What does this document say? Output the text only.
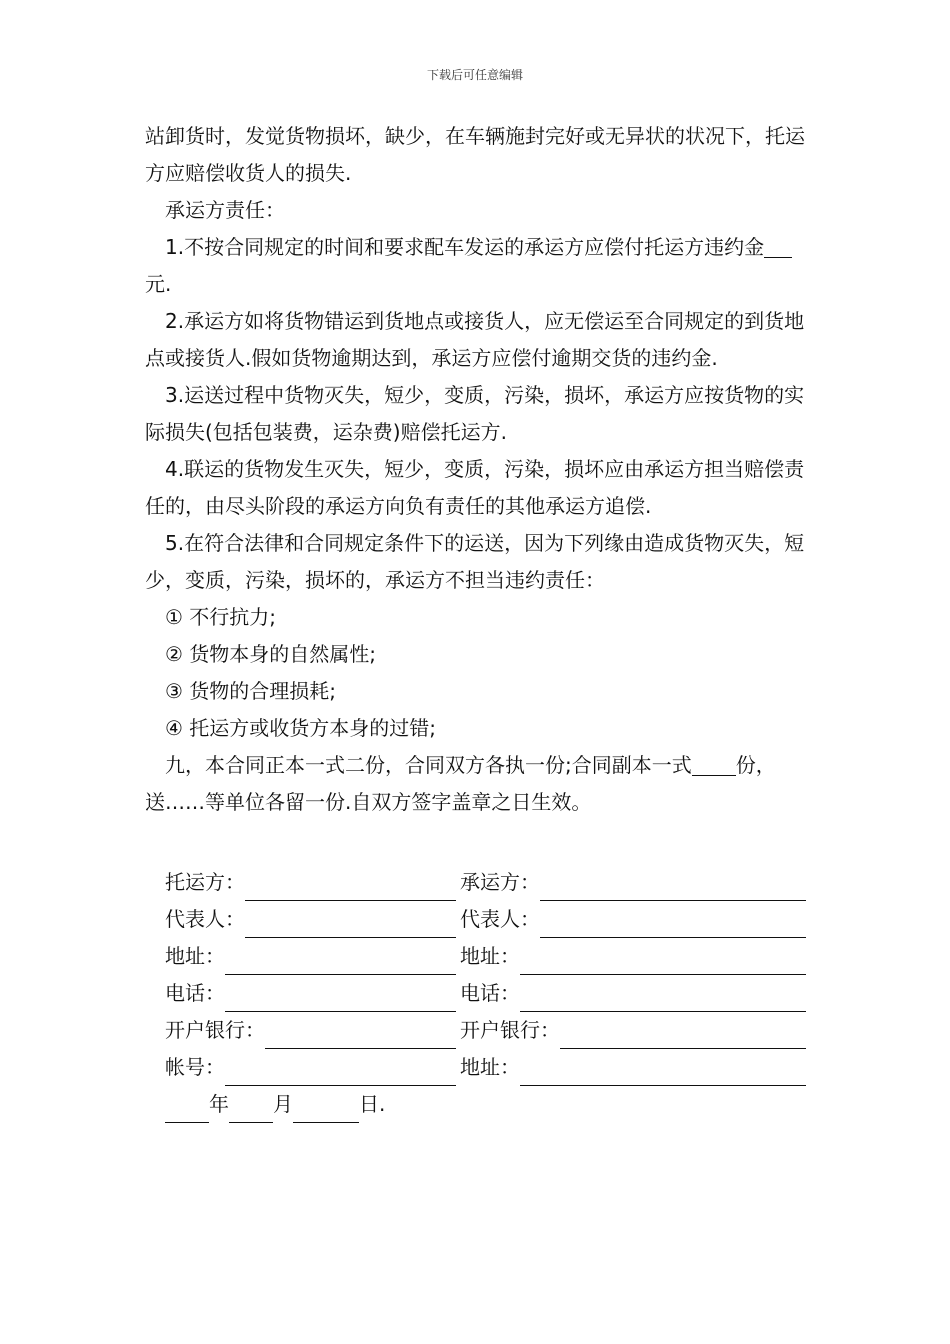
下载后可任意编辑

站卸货时，发觉货物损坏，缺少，在车辆施封完好或无异状的状况下，托运方应赔偿收货人的损失.

承运方责任：

1.不按合同规定的时间和要求配车发运的承运方应偿付托运方违约金元.

2.承运方如将货物错运到货地点或接货人，应无偿运至合同规定的到货地点或接货人.假如货物逾期达到，承运方应偿付逾期交货的违约金.

3.运送过程中货物灭失，短少，变质，污染，损坏，承运方应按货物的实际损失(包括包装费，运杂费)赔偿托运方.

4.联运的货物发生灭失，短少，变质，污染，损坏应由承运方担当赔偿责任的，由尽头阶段的承运方向负有责任的其他承运方追偿.

5.在符合法律和合同规定条件下的运送，因为下列缘由造成货物灭失，短少，变质，污染，损坏的，承运方不担当违约责任：

① 不行抗力;

② 货物本身的自然属性;

③ 货物的合理损耗;

④ 托运方或收货方本身的过错;

九，本合同正本一式二份，合同双方各执一份;合同副本一式 份，送……等单位各留一份.自双方签字盖章之日生效。

托运方：	承运方：
代表人：	代表人：
地址：	地址：
电话：	电话：
开户银行：	开户银行：
帐号：	地址：
年 月	日.
